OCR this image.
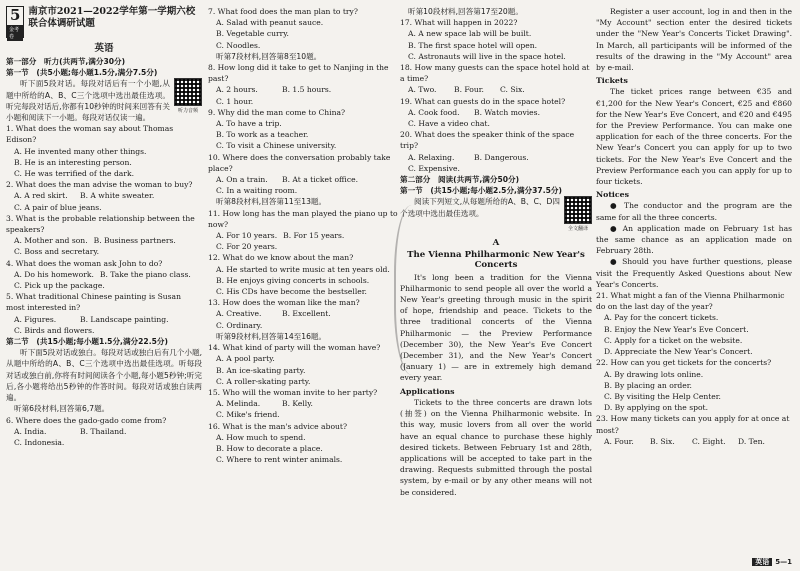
5
金考卷
南京市2021—2022学年第一学期六校联合体调研试题
英语
第一部分　听力(共两节,满分30分)
第一节　(共5小题;每小题1.5分,满分7.5分)
听力音频
听下面5段对话。每段对话后有一个小题,从题中所给的A、B、C三个选项中选出最佳选项。听完每段对话后,你都有10秒钟的时间来回答有关小题和阅读下一小题。每段对话仅读一遍。
1. What does the woman say about Thomas Edison?
A. He invented many other things.
B. He is an interesting person.
C. He was terrified of the dark.
2. What does the man advise the woman to buy?
A. A red skirt. B. A white sweater.
C. A pair of blue jeans.
3. What is the probable relationship between the speakers?
A. Mother and son. B. Business partners.
C. Boss and secretary.
4. What does the woman ask John to do?
A. Do his homework. B. Take the piano class.
C. Pick up the package.
5. What traditional Chinese painting is Susan most interested in?
A. Figures.	B. Landscape painting.
C. Birds and flowers.
第二节　(共15小题;每小题1.5分,满分22.5分)
听下面5段对话或独白。每段对话或独白后有几个小题,从题中所给的A、B、C三个选项中选出最佳选项。听每段对话或独白前,你将有时间阅读各个小题,每小题5秒钟;听完后,各小题将给出5秒钟的作答时间。每段对话或独白读两遍。
听第6段材料,回答第6,7题。
6. Where does the gado-gado come from?
A. India.	B. Thailand.
C. Indonesia.
7. What food does the man plan to try?
A. Salad with peanut sauce.
B. Vegetable curry.
C. Noodles.
听第7段材料,回答第8至10题。
8. How long did it take to get to Nanjing in the past?
A. 2 hours.	B. 1.5 hours.
C. 1 hour.
9. Why did the man come to China?
A. To have a trip.
B. To work as a teacher.
C. To visit a Chinese university.
10. Where does the conversation probably take place?
A. On a train. B. At a ticket office.
C. In a waiting room.
听第8段材料,回答第11至13题。
11. How long has the man played the piano up to now?
A. For 10 years. B. For 15 years.
C. For 20 years.
12. What do we know about the man?
A. He started to write music at ten years old.
B. He enjoys giving concerts in schools.
C. His CDs have become the bestseller.
13. How does the woman like the man?
A. Creative.	B. Excellent.
C. Ordinary.
听第9段材料,回答第14至16题。
14. What kind of party will the woman have?
A. A pool party.
B. An ice-skating party.
C. A roller-skating party.
15. Who will the woman invite to her party?
A. Melinda.	B. Kelly.
C. Mike's friend.
16. What is the man's advice about?
A. How much to spend.
B. How to decorate a place.
C. Where to rent winter animals.
听第10段材料,回答第17至20题。
17. What will happen in 2022?
A. A new space lab will be built.
B. The first space hotel will open.
C. Astronauts will live in the space hotel.
18. How many guests can the space hotel hold at a time?
A. Two. B. Four. C. Six.
19. What can guests do in the space hotel?
A. Cook food. B. Watch movies.
C. Have a video chat.
20. What does the speaker think of the space trip?
A. Relaxing.	B. Dangerous.
C. Expensive.
第二部分　阅读(共两节,满分50分)
第一节　(共15小题;每小题2.5分,满分37.5分)
全文翻译
阅读下列短文,从每题所给的A、B、C、D四个选项中选出最佳选项。
A
The Vienna Philharmonic New Year's Concerts
It's long been a tradition for the Vienna Philharmonic to send people all over the world a New Year's greeting through music in the spirit of hope, friendship and peace. Tickets to the three traditional concerts of the Vienna Philharmonic — the Preview Performance (December 30), the New Year's Eve Concert (December 31), and the New Year's Concert (January 1) — are in extremely high demand every year.
Applications
Tickets to the three concerts are drawn lots (抽签) on the Vienna Philharmonic website. In this way, music lovers from all over the world have an equal chance to purchase these highly desired tickets. Between February 1st and 28th, applications will be accepted to take part in the drawing. Requests submitted through the postal system, by e-mail or by any other means will not be considered.
Register a user account, log in and then in the "My Account" section enter the desired tickets under the "New Year's Concerts Ticket Drawing". In March, all participants will be informed of the results of the drawing in the "My Account" area by e-mail.
Tickets
The ticket prices range between €35 and €1,200 for the New Year's Concert, €25 and €860 for the New Year's Eve Concert, and €20 and €495 for the Preview Performance. You can make one application for each of the three concerts. For the New Year's Concert you can apply for up to two tickets. For the New Year's Eve Concert and the Preview Performance each you can apply for up to four tickets.
Notices
● The conductor and the program are the same for all the three concerts.
● An application made on February 1st has the same chance as an application made on February 28th.
● Should you have further questions, please visit the Frequently Asked Questions about New Year's Concerts.
21. What might a fan of the Vienna Philharmonic do on the last day of the year?
A. Pay for the concert tickets.
B. Enjoy the New Year's Eve Concert.
C. Apply for a ticket on the website.
D. Appreciate the New Year's Concert.
22. How can you get tickets for the concerts?
A. By drawing lots online.
B. By placing an order.
C. By visiting the Help Center.
D. By applying on the spot.
23. How many tickets can you apply for at once at most?
A. Four. B. Six. C. Eight. D. Ten.
英语 5—1
